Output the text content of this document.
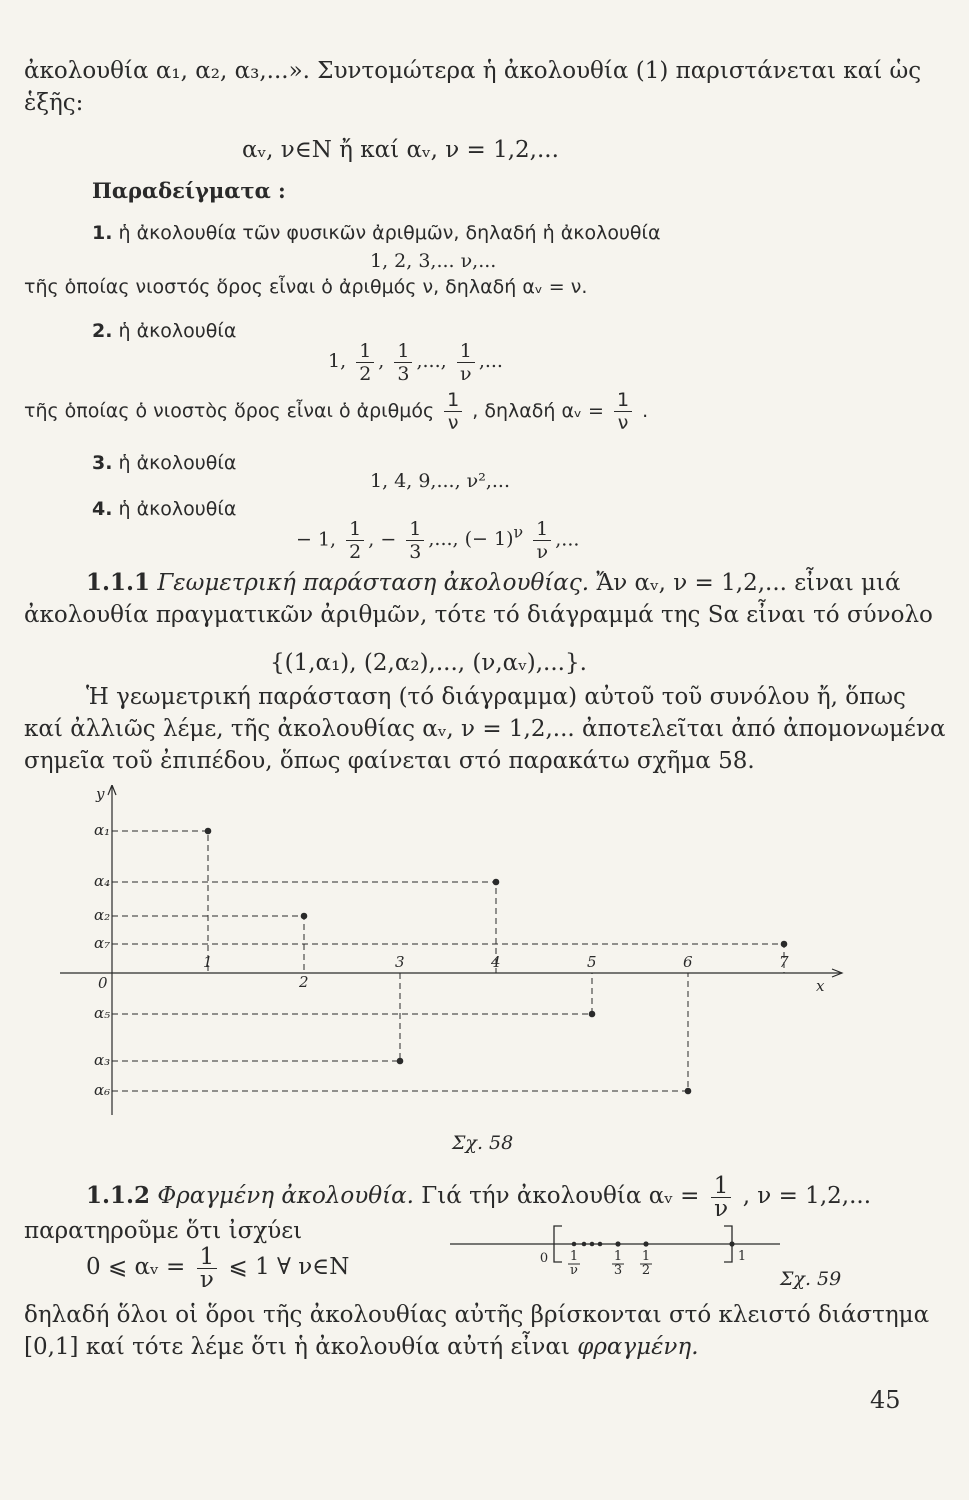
ἀκολουθία α₁, α₂, α₃,...». Συντομώτερα ἡ ἀκολουθία (1) παριστάνεται καί ὡς
ἑξῆς:
αᵥ, ν∈N ἤ καί αᵥ, ν = 1,2,...
Παραδείγματα :
1. ἡ ἀκολουθία τῶν φυσικῶν ἀριθμῶν, δηλαδή ἡ ἀκολουθία
1, 2, 3,... ν,...
τῆς ὁποίας νιοστός ὅρος εἶναι ὁ ἀριθμός ν, δηλαδή αᵥ = ν.
2. ἡ ἀκολουθία
1, $\frac{1}{2}$ , $\frac{1}{3}$ ,..., $\frac{1}{\nu}$ ,...
τῆς ὁποίας ὁ νιοστὸς ὅρος εἶναι ὁ ἀριθμός $\frac{1}{\nu}$ , δηλαδή αᵥ = $\frac{1}{\nu}$ .
3. ἡ ἀκολουθία
1, 4, 9,..., ν²,...
4. ἡ ἀκολουθία
− 1, $\frac{1}{2}$ , − $\frac{1}{3}$ ,..., (− $1)^\nu \frac{1}{\nu}$ ,...
1.1.1 Γεωμετρική παράσταση ἀκολουθίας. Ἄν αᵥ, ν = 1,2,... εἶναι μιά
ἀκολουθία πραγματικῶν ἀριθμῶν, τότε τό διάγραμμά της Sα εἶναι τό σύνολο
{(1,α₁), (2,α₂),..., (ν,αᵥ),...}.
Ἡ γεωμετρική παράσταση (τό διάγραμμα) αὐτοῦ τοῦ συνόλου ἤ, ὅπως
καί ἀλλιῶς λέμε, τῆς ἀκολουθίας αᵥ, ν = 1,2,... ἀποτελεῖται ἀπό ἀπομονωμένα
σημεῖα τοῦ ἐπιπέδου, ὅπως φαίνεται στό παρακάτω σχῆμα 58.
y
x
0
α₁
α₄
α₂
α₇
α₅
α₃
α₆
1
2
3	4	5	6	7
Σχ. 58
1.1.2 Φραγμένη ἀκολουθία. Γιά τήν ἀκολουθία αᵥ = $\frac{1}{\nu}$ , ν = 1,2,...
παρατηροῦμε ὅτι ἰσχύει
0 ⩽ αᵥ = $\frac{1}{\nu}$ ⩽ 1 ∀ ν∈N	0	1
1
ν
1
3
1
2	Σχ. 59
δηλαδή ὅλοι οἱ ὅροι τῆς ἀκολουθίας αὐτῆς βρίσκονται στό κλειστό διάστημα
[0,1] καί τότε λέμε ὅτι ἡ ἀκολουθία αὐτή εἶναι φραγμένη.
45
